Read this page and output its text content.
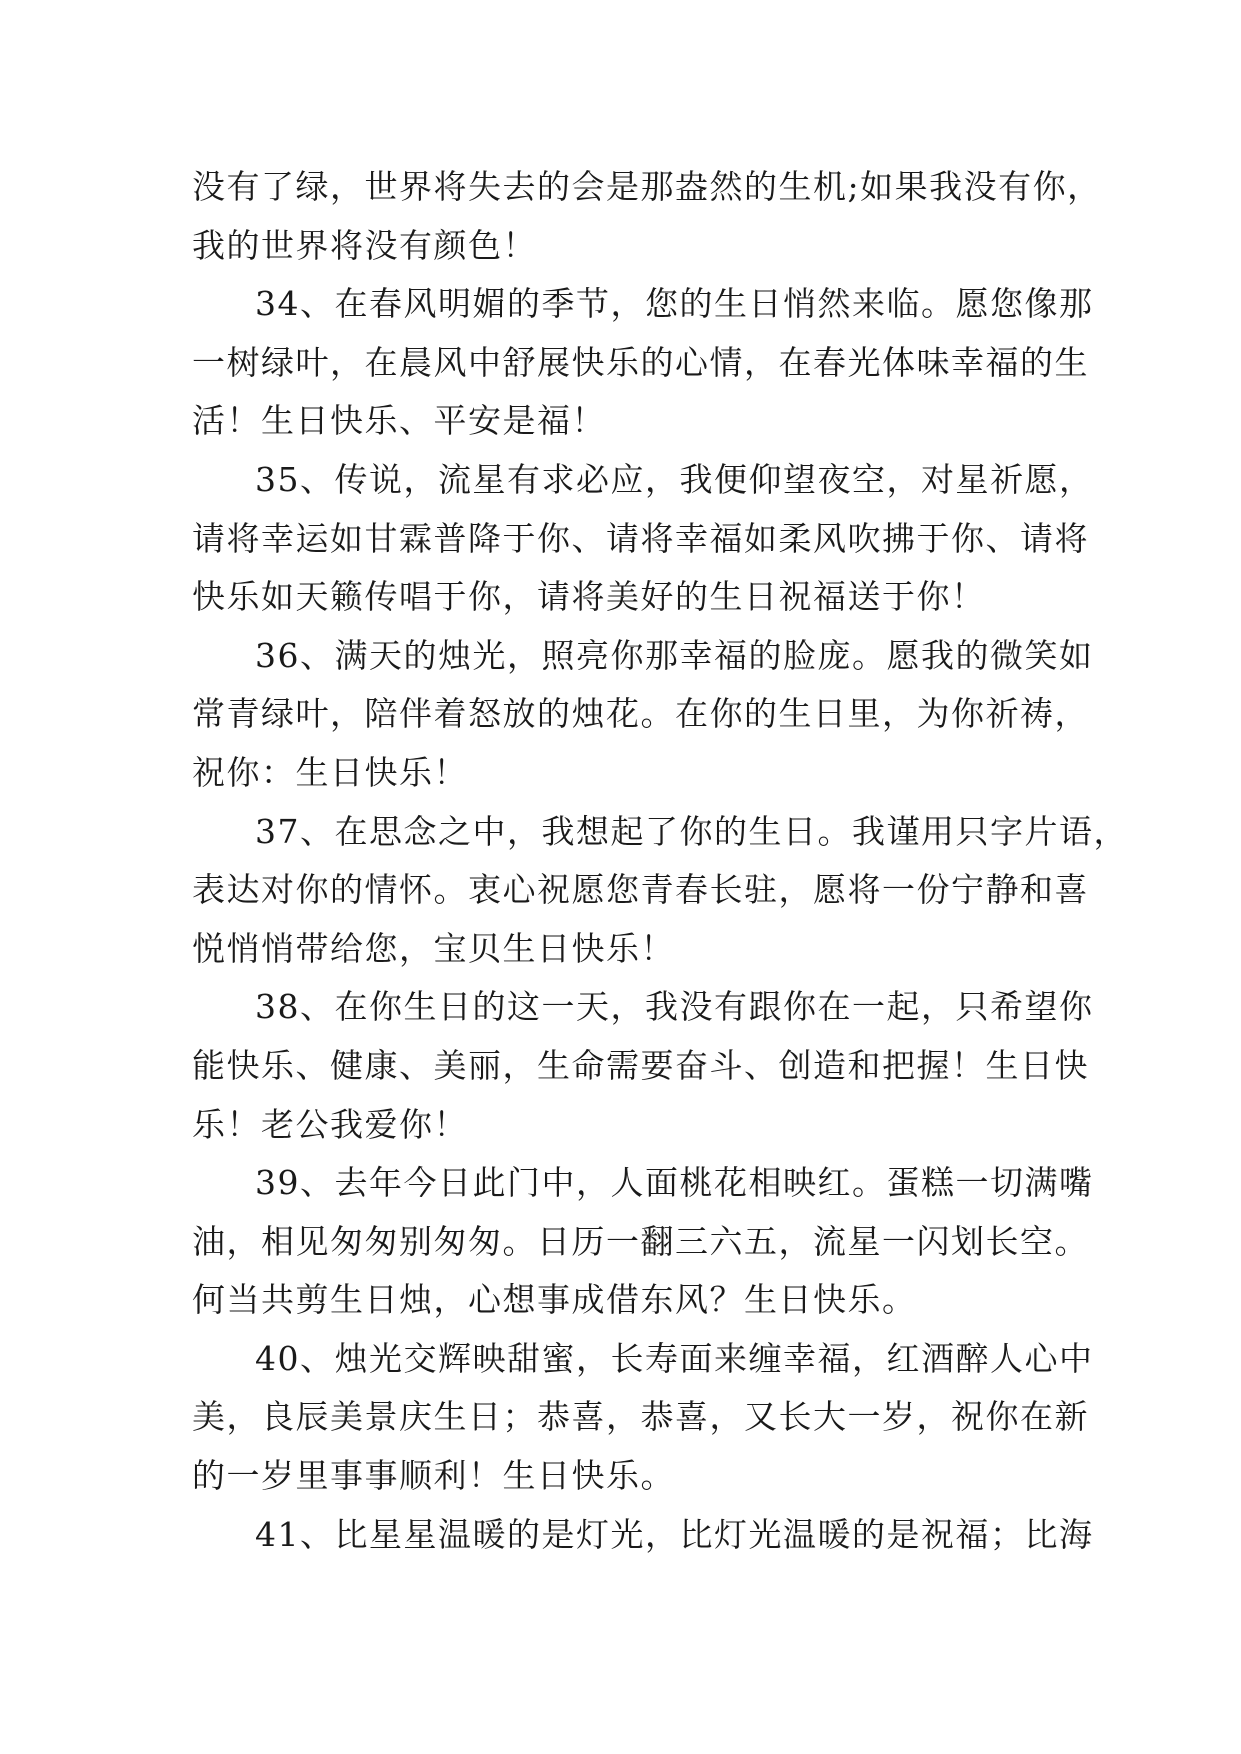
没有了绿，世界将失去的会是那盎然的生机;如果我没有你，
我的世界将没有颜色！
34、在春风明媚的季节，您的生日悄然来临。愿您像那
一树绿叶，在晨风中舒展快乐的心情，在春光体味幸福的生
活！生日快乐、平安是福！
35、传说，流星有求必应，我便仰望夜空，对星祈愿，
请将幸运如甘霖普降于你、请将幸福如柔风吹拂于你、请将
快乐如天籁传唱于你，请将美好的生日祝福送于你！
36、满天的烛光，照亮你那幸福的脸庞。愿我的微笑如
常青绿叶，陪伴着怒放的烛花。在你的生日里，为你祈祷，
祝你：生日快乐！
37、在思念之中，我想起了你的生日。我谨用只字片语，
表达对你的情怀。衷心祝愿您青春长驻，愿将一份宁静和喜
悦悄悄带给您，宝贝生日快乐！
38、在你生日的这一天，我没有跟你在一起，只希望你
能快乐、健康、美丽，生命需要奋斗、创造和把握！生日快
乐！老公我爱你！
39、去年今日此门中，人面桃花相映红。蛋糕一切满嘴
油，相见匆匆别匆匆。日历一翻三六五，流星一闪划长空。
何当共剪生日烛，心想事成借东风？生日快乐。
40、烛光交辉映甜蜜，长寿面来缠幸福，红酒醉人心中
美，良辰美景庆生日；恭喜，恭喜，又长大一岁，祝你在新
的一岁里事事顺利！生日快乐。
41、比星星温暖的是灯光，比灯光温暖的是祝福；比海
